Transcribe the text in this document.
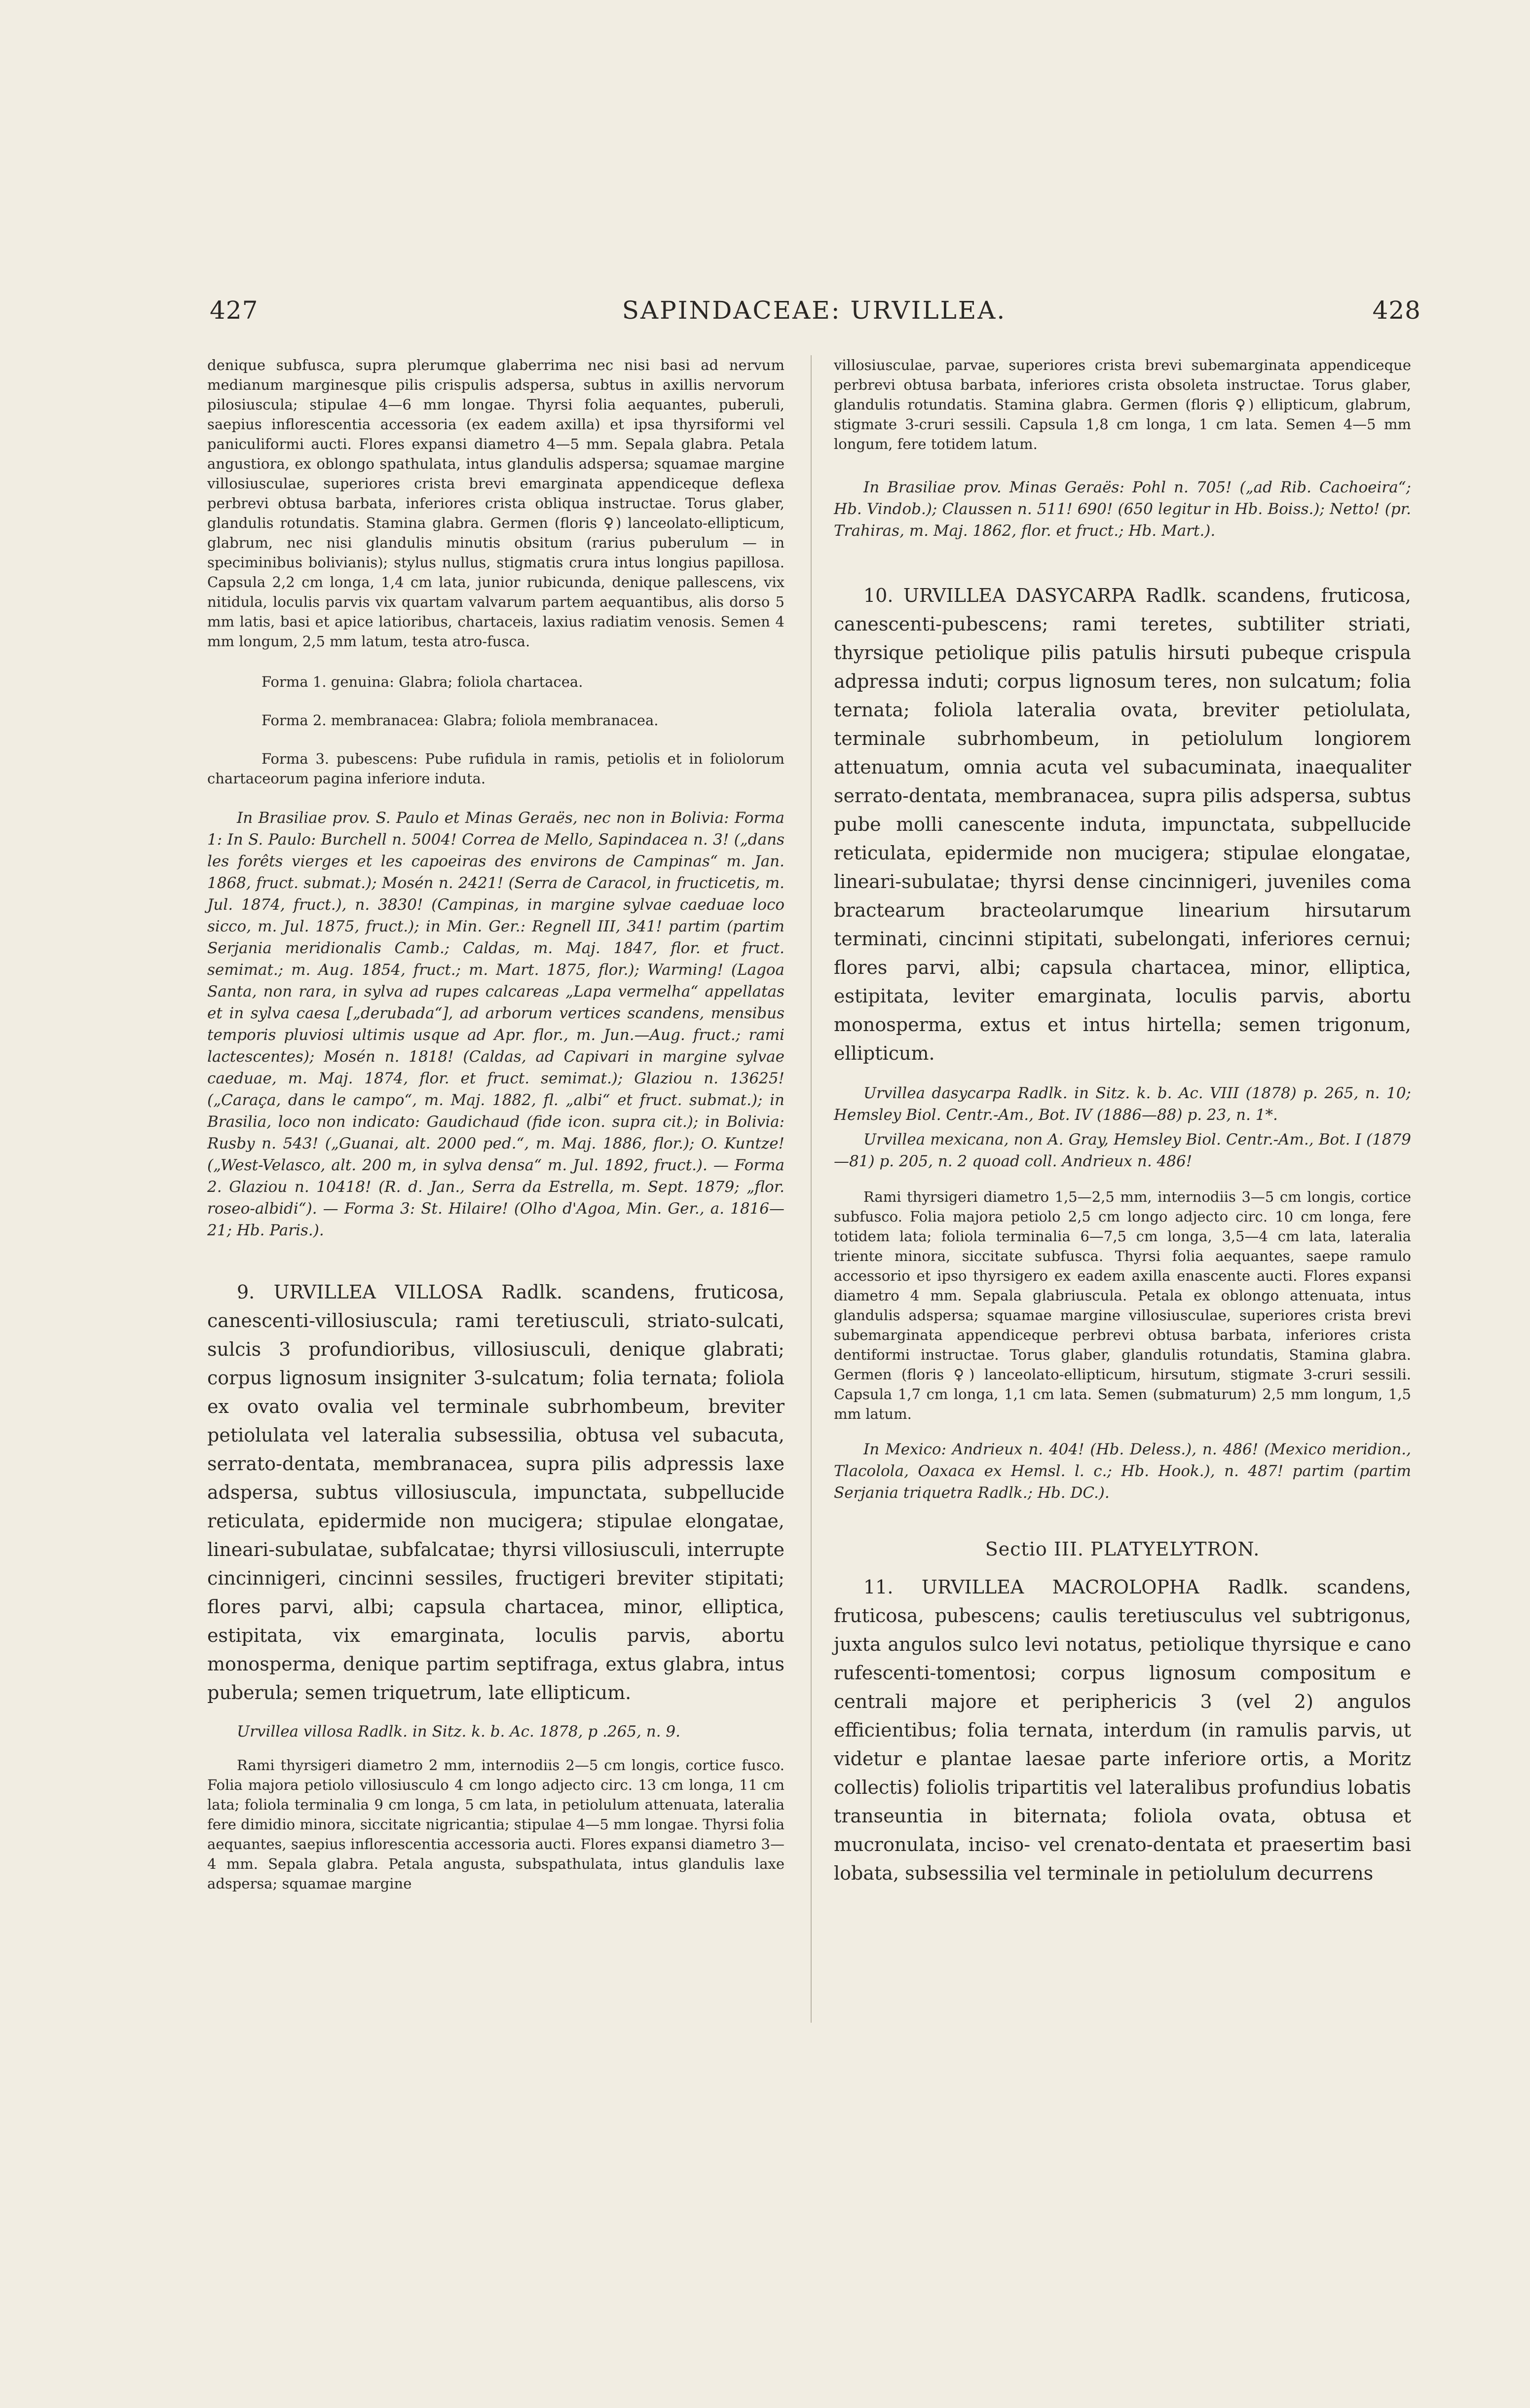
427	SAPINDACEAE: URVILLEA.	428

denique subfusca, supra plerumque glaberrima nec nisi basi ad nervum medianum marginesque pilis crispulis adspersa, subtus in axillis nervorum pilosiuscula; stipulae 4—6 mm longae. Thyrsi folia aequantes, puberuli, saepius inflorescentia accessoria (ex eadem axilla) et ipsa thyrsiformi vel paniculiformi aucti. Flores expansi diametro 4—5 mm. Sepala glabra. Petala angustiora, ex oblongo spathulata, intus glandulis adspersa; squamae margine villosiusculae, superiores crista brevi emarginata appendiceque deflexa perbrevi obtusa barbata, inferiores crista obliqua instructae. Torus glaber, glandulis rotundatis. Stamina glabra. Germen (floris ♀) lanceolato-ellipticum, glabrum, nec nisi glandulis minutis obsitum (rarius puberulum — in speciminibus bolivianis); stylus nullus, stigmatis crura intus longius papillosa. Capsula 2,2 cm longa, 1,4 cm lata, junior rubicunda, denique pallescens, vix nitidula, loculis parvis vix quartam valvarum partem aequantibus, alis dorso 5 mm latis, basi et apice latioribus, chartaceis, laxius radiatim venosis. Semen 4 mm longum, 2,5 mm latum, testa atro-fusca.

Forma 1. genuina: Glabra; foliola chartacea.

Forma 2. membranacea: Glabra; foliola membranacea.

Forma 3. pubescens: Pube rufidula in ramis, petiolis et in foliolorum chartaceorum pagina inferiore induta.

In Brasiliae prov. S. Paulo et Minas Geraës, nec non in Bolivia: Forma 1: In S. Paulo: Burchell n. 5004! Correa de Mello, Sapindacea n. 3! („dans les forêts vierges et les capoeiras des environs de Campinas“ m. Jan. 1868, fruct. submat.); Mosén n. 2421! (Serra de Caracol, in fructicetis, m. Jul. 1874, fruct.), n. 3830! (Campinas, in margine sylvae caeduae loco sicco, m. Jul. 1875, fruct.); in Min. Ger.: Regnell III, 341! partim (partim Serjania meridionalis Camb.; Caldas, m. Maj. 1847, flor. et fruct. semimat.; m. Aug. 1854, fruct.; m. Mart. 1875, flor.); Warming! (Lagoa Santa, non rara, in sylva ad rupes calcareas „Lapa vermelha“ appellatas et in sylva caesa [„derubada“], ad arborum vertices scandens, mensibus temporis pluviosi ultimis usque ad Apr. flor., m. Jun.—Aug. fruct.; rami lactescentes); Mosén n. 1818! (Caldas, ad Capivari in margine sylvae caeduae, m. Maj. 1874, flor. et fruct. semimat.); Glaziou n. 13625! („Caraça, dans le campo“, m. Maj. 1882, fl. „albi“ et fruct. submat.); in Brasilia, loco non indicato: Gaudichaud (fide icon. supra cit.); in Bolivia: Rusby n. 543! („Guanai, alt. 2000 ped.“, m. Maj. 1886, flor.); O. Kuntze! („West-Velasco, alt. 200 m, in sylva densa“ m. Jul. 1892, fruct.). — Forma 2. Glaziou n. 10418! (R. d. Jan., Serra da Estrella, m. Sept. 1879; „flor. roseo-albidi“). — Forma 3: St. Hilaire! (Olho d'Agoa, Min. Ger., a. 1816—21; Hb. Paris.).

9. URVILLEA VILLOSA Radlk. scandens, fruticosa, canescenti-villosiuscula; rami teretiusculi, striato-sulcati, sulcis 3 profundioribus, villosiusculi, denique glabrati; corpus lignosum insigniter 3-sulcatum; folia ternata; foliola ex ovato ovalia vel terminale subrhombeum, breviter petiolulata vel lateralia subsessilia, obtusa vel subacuta, serrato-dentata, membranacea, supra pilis adpressis laxe adspersa, subtus villosiuscula, impunctata, subpellucide reticulata, epidermide non mucigera; stipulae elongatae, lineari-subulatae, subfalcatae; thyrsi villosiusculi, interrupte cincinnigeri, cincinni sessiles, fructigeri breviter stipitati; flores parvi, albi; capsula chartacea, minor, elliptica, estipitata, vix emarginata, loculis parvis, abortu monosperma, denique partim septifraga, extus glabra, intus puberula; semen triquetrum, late ellipticum.

Urvillea villosa Radlk. in Sitz. k. b. Ac. 1878, p .265, n. 9.

Rami thyrsigeri diametro 2 mm, internodiis 2—5 cm longis, cortice fusco. Folia majora petiolo villosiusculo 4 cm longo adjecto circ. 13 cm longa, 11 cm lata; foliola terminalia 9 cm longa, 5 cm lata, in petiolulum attenuata, lateralia fere dimidio minora, siccitate nigricantia; stipulae 4—5 mm longae. Thyrsi folia aequantes, saepius inflorescentia accessoria aucti. Flores expansi diametro 3—4 mm. Sepala glabra. Petala angusta, subspathulata, intus glandulis laxe adspersa; squamae margine

villosiusculae, parvae, superiores crista brevi subemarginata appendiceque perbrevi obtusa barbata, inferiores crista obsoleta instructae. Torus glaber, glandulis rotundatis. Stamina glabra. Germen (floris ♀) ellipticum, glabrum, stigmate 3-cruri sessili. Capsula 1,8 cm longa, 1 cm lata. Semen 4—5 mm longum, fere totidem latum.

In Brasiliae prov. Minas Geraës: Pohl n. 705! („ad Rib. Cachoeira“; Hb. Vindob.); Claussen n. 511! 690! (650 legitur in Hb. Boiss.); Netto! (pr. Trahiras, m. Maj. 1862, flor. et fruct.; Hb. Mart.).

10. URVILLEA DASYCARPA Radlk. scandens, fruticosa, canescenti-pubescens; rami teretes, subtiliter striati, thyrsique petiolique pilis patulis hirsuti pubeque crispula adpressa induti; corpus lignosum teres, non sulcatum; folia ternata; foliola lateralia ovata, breviter petiolulata, terminale subrhombeum, in petiolulum longiorem attenuatum, omnia acuta vel subacuminata, inaequaliter serrato-dentata, membranacea, supra pilis adspersa, subtus pube molli canescente induta, impunctata, subpellucide reticulata, epidermide non mucigera; stipulae elongatae, lineari-subulatae; thyrsi dense cincinnigeri, juveniles coma bractearum bracteolarumque linearium hirsutarum terminati, cincinni stipitati, subelongati, inferiores cernui; flores parvi, albi; capsula chartacea, minor, elliptica, estipitata, leviter emarginata, loculis parvis, abortu monosperma, extus et intus hirtella; semen trigonum, ellipticum.

Urvillea dasycarpa Radlk. in Sitz. k. b. Ac. VIII (1878) p. 265, n. 10; Hemsley Biol. Centr.-Am., Bot. IV (1886—88) p. 23, n. 1*.

Urvillea mexicana, non A. Gray, Hemsley Biol. Centr.-Am., Bot. I (1879—81) p. 205, n. 2 quoad coll. Andrieux n. 486!

Rami thyrsigeri diametro 1,5—2,5 mm, internodiis 3—5 cm longis, cortice subfusco. Folia majora petiolo 2,5 cm longo adjecto circ. 10 cm longa, fere totidem lata; foliola terminalia 6—7,5 cm longa, 3,5—4 cm lata, lateralia triente minora, siccitate subfusca. Thyrsi folia aequantes, saepe ramulo accessorio et ipso thyrsigero ex eadem axilla enascente aucti. Flores expansi diametro 4 mm. Sepala glabriuscula. Petala ex oblongo attenuata, intus glandulis adspersa; squamae margine villosiusculae, superiores crista brevi subemarginata appendiceque perbrevi obtusa barbata, inferiores crista dentiformi instructae. Torus glaber, glandulis rotundatis, Stamina glabra. Germen (floris ♀) lanceolato-ellipticum, hirsutum, stigmate 3-cruri sessili. Capsula 1,7 cm longa, 1,1 cm lata. Semen (submaturum) 2,5 mm longum, 1,5 mm latum.

In Mexico: Andrieux n. 404! (Hb. Deless.), n. 486! (Mexico meridion., Tlacolola, Oaxaca ex Hemsl. l. c.; Hb. Hook.), n. 487! partim (partim Serjania triquetra Radlk.; Hb. DC.).

Sectio III. PLATYELYTRON.

11. URVILLEA MACROLOPHA Radlk. scandens, fruticosa, pubescens; caulis teretiusculus vel subtrigonus, juxta angulos sulco levi notatus, petiolique thyrsique e cano rufescenti-tomentosi; corpus lignosum compositum e centrali majore et periphericis 3 (vel 2) angulos efficientibus; folia ternata, interdum (in ramulis parvis, ut videtur e plantae laesae parte inferiore ortis, a Moritz collectis) foliolis tripartitis vel lateralibus profundius lobatis transeuntia in biternata; foliola ovata, obtusa et mucronulata, inciso- vel crenato-dentata et praesertim basi lobata, subsessilia vel terminale in petiolulum decurrens
